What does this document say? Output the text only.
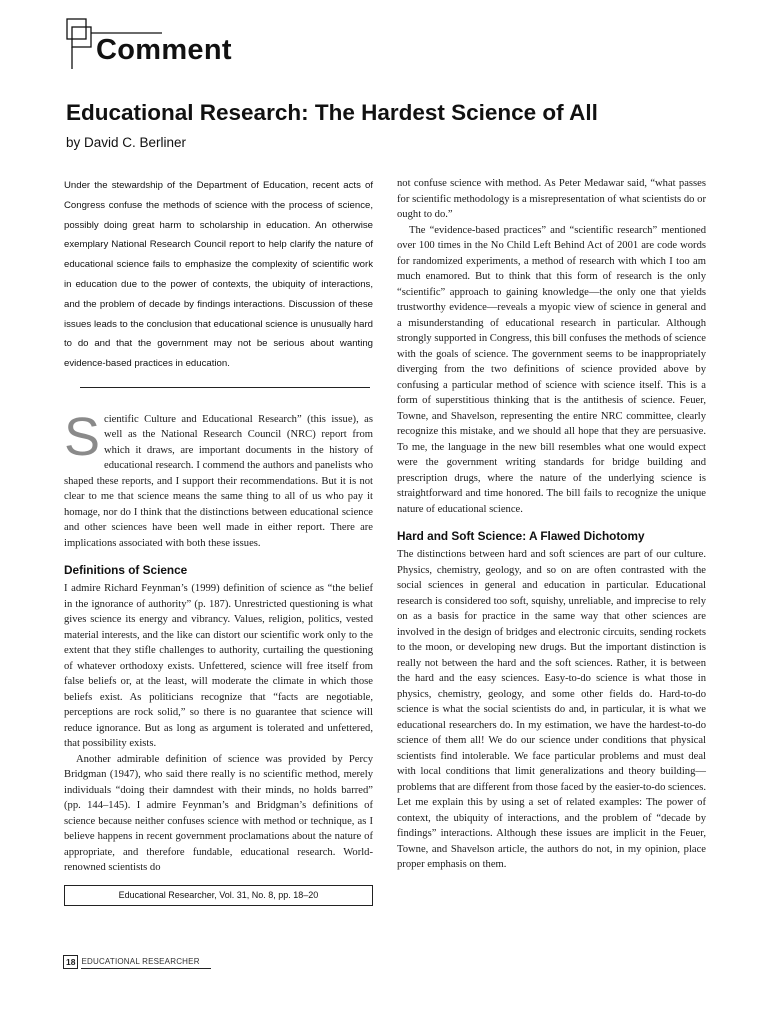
Comment
Educational Research: The Hardest Science of All

by David C. Berliner

Under the stewardship of the Department of Education, recent acts of Congress confuse the methods of science with the process of science, possibly doing great harm to scholarship in education. An otherwise exemplary National Research Council report to help clarify the nature of educational science fails to emphasize the complexity of scientific work in education due to the power of contexts, the ubiquity of interactions, and the problem of decade by findings interactions. Discussion of these issues leads to the conclusion that educational science is unusually hard to do and that the government may not be serious about wanting evidence-based practices in education.

S cientific Culture and Educational Research” (this issue), as well as the National Research Council (NRC) report from which it draws, are important documents in the history of educational research. I commend the authors and panelists who shaped these reports, and I support their recommendations. But it is not clear to me that science means the same thing to all of us who pay it homage, nor do I think that the distinctions between educational science and other sciences have been well made in either report. There are implications associated with both these issues.

Definitions of Science

I admire Richard Feynman’s (1999) definition of science as “the belief in the ignorance of authority” (p. 187). Unrestricted questioning is what gives science its energy and vibrancy. Values, religion, politics, vested material interests, and the like can distort our scientific work only to the extent that they stifle challenges to authority, curtailing the questioning of whatever orthodoxy exists. Unfettered, science will free itself from false beliefs or, at the least, will moderate the climate in which those beliefs exist. As politicians recognize that “facts are negotiable, perceptions are rock solid,” so there is no guarantee that science will reduce ignorance. But as long as argument is tolerated and unfettered, that possibility exists.

Another admirable definition of science was provided by Percy Bridgman (1947), who said there really is no scientific method, merely individuals “doing their damndest with their minds, no holds barred” (pp. 144–145). I admire Feynman’s and Bridgman’s definitions of science because neither confuses science with method or technique, as I believe happens in recent government proclamations about the nature of appropriate, and therefore fundable, educational research. World-renowned scientists do

Educational Researcher, Vol. 31, No. 8, pp. 18–20

not confuse science with method. As Peter Medawar said, “what passes for scientific methodology is a misrepresentation of what scientists do or ought to do.”

The “evidence-based practices” and “scientific research” mentioned over 100 times in the No Child Left Behind Act of 2001 are code words for randomized experiments, a method of research with which I too am much enamored. But to think that this form of research is the only “scientific” approach to gaining knowledge—the only one that yields trustworthy evidence—reveals a myopic view of science in general and a misunderstanding of educational research in particular. Although strongly supported in Congress, this bill confuses the methods of science with the goals of science. The government seems to be inappropriately diverging from the two definitions of science provided above by confusing a particular method of science with science itself. This is a form of superstitious thinking that is the antithesis of science. Feuer, Towne, and Shavelson, representing the entire NRC committee, clearly recognize this mistake, and we should all hope that they are persuasive. To me, the language in the new bill resembles what one would expect were the government writing standards for bridge building and prescription drugs, where the nature of the underlying science is straightforward and time honored. The bill fails to recognize the unique nature of educational science.

Hard and Soft Science: A Flawed Dichotomy

The distinctions between hard and soft sciences are part of our culture. Physics, chemistry, geology, and so on are often contrasted with the social sciences in general and education in particular. Educational research is considered too soft, squishy, unreliable, and imprecise to rely on as a basis for practice in the same way that other sciences are involved in the design of bridges and electronic circuits, sending rockets to the moon, or developing new drugs. But the important distinction is really not between the hard and the soft sciences. Rather, it is between the hard and the easy sciences. Easy-to-do science is what those in physics, chemistry, geology, and some other fields do. Hard-to-do science is what the social scientists do and, in particular, it is what we educational researchers do. In my estimation, we have the hardest-to-do science of them all! We do our science under conditions that physical scientists find intolerable. We face particular problems and must deal with local conditions that limit generalizations and theory building—problems that are different from those faced by the easier-to-do sciences. Let me explain this by using a set of related examples: The power of context, the ubiquity of interactions, and the problem of “decade by findings” interactions. Although these issues are implicit in the Feuer, Towne, and Shavelson article, the authors do not, in my opinion, place proper emphasis on them.

18 EDUCATIONAL RESEARCHER
